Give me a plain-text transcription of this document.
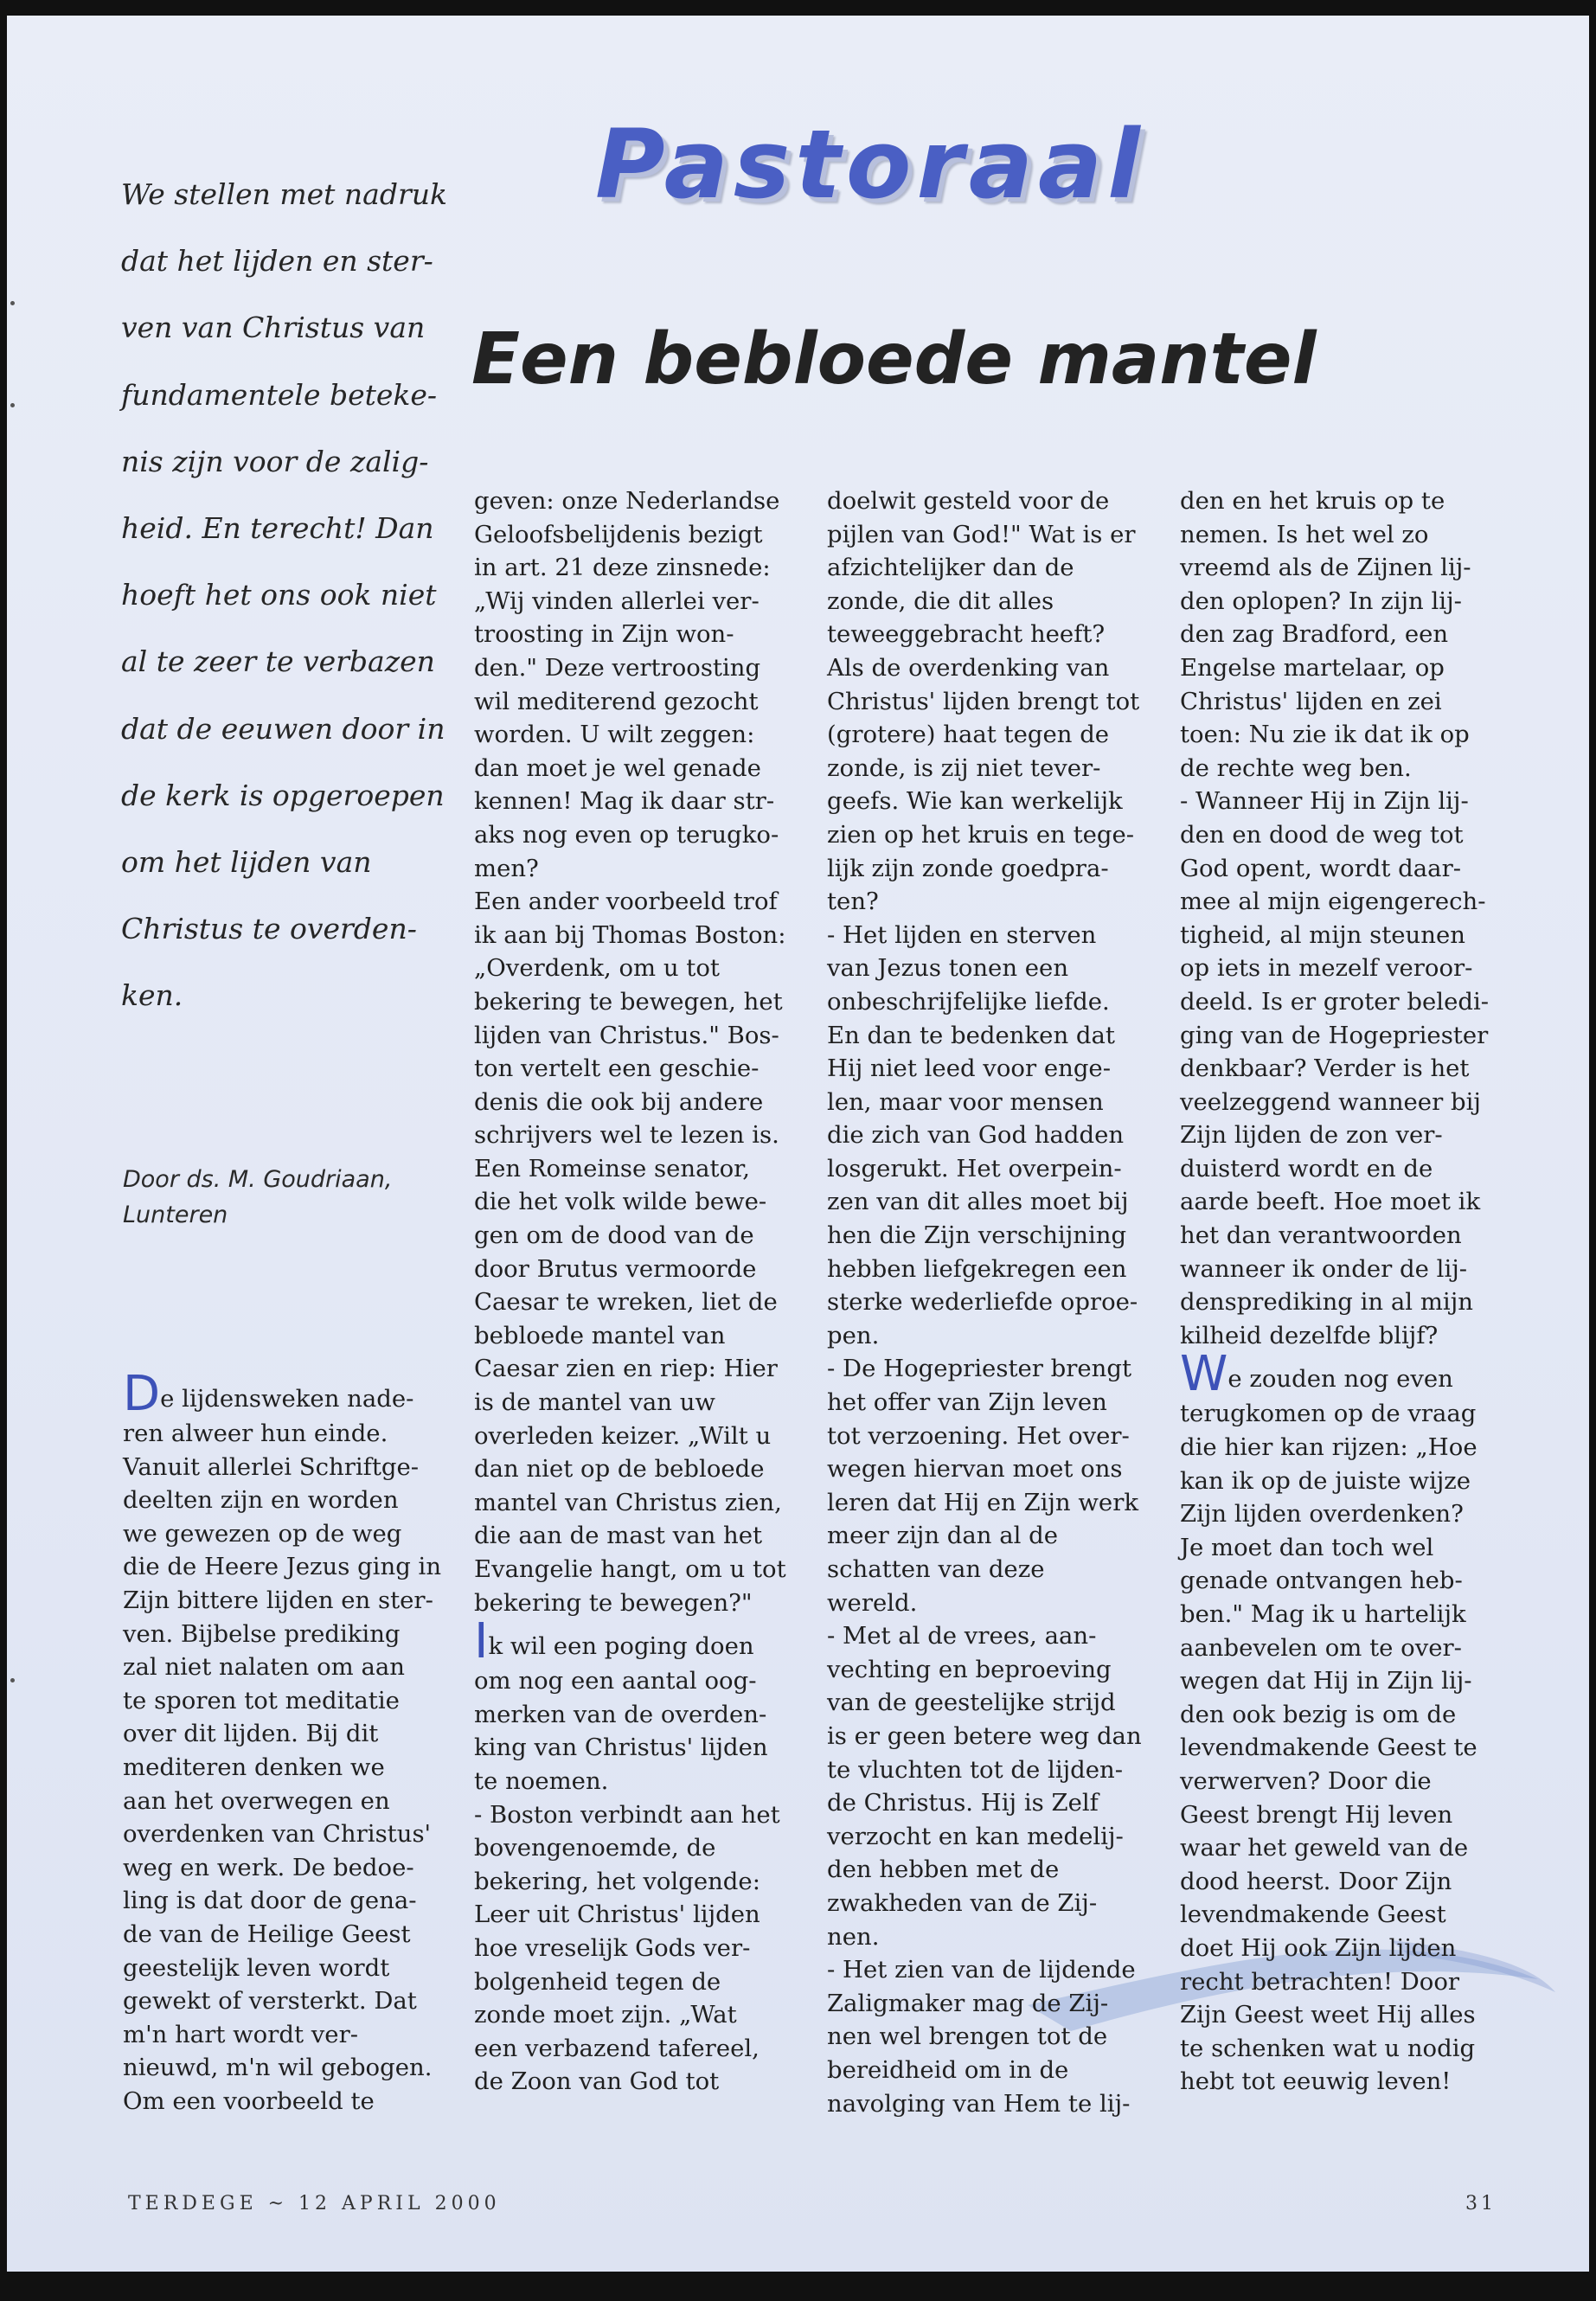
Pastoraal
Een bebloede mantel
We stellen met nadruk
dat het lijden en ster-
ven van Christus van
fundamentele beteke-
nis zijn voor de zalig-
heid. En terecht! Dan
hoeft het ons ook niet
al te zeer te verbazen
dat de eeuwen door in
de kerk is opgeroepen
om het lijden van
Christus te overden-
ken.
Door ds. M. Goudriaan,
Lunteren
De lijdensweken nade-
ren alweer hun einde.
Vanuit allerlei Schriftge-
deelten zijn en worden
we gewezen op de weg
die de Heere Jezus ging in
Zijn bittere lijden en ster-
ven. Bijbelse prediking
zal niet nalaten om aan
te sporen tot meditatie
over dit lijden. Bij dit
mediteren denken we
aan het overwegen en
overdenken van Christus'
weg en werk. De bedoe-
ling is dat door de gena-
de van de Heilige Geest
geestelijk leven wordt
gewekt of versterkt. Dat
m'n hart wordt ver-
nieuwd, m'n wil gebogen.
Om een voorbeeld te
geven: onze Nederlandse
Geloofsbelijdenis bezigt
in art. 21 deze zinsnede:
„Wij vinden allerlei ver-
troosting in Zijn won-
den." Deze vertroosting
wil mediterend gezocht
worden. U wilt zeggen:
dan moet je wel genade
kennen! Mag ik daar str-
aks nog even op terugko-
men?
Een ander voorbeeld trof
ik aan bij Thomas Boston:
„Overdenk, om u tot
bekering te bewegen, het
lijden van Christus." Bos-
ton vertelt een geschie-
denis die ook bij andere
schrijvers wel te lezen is.
Een Romeinse senator,
die het volk wilde bewe-
gen om de dood van de
door Brutus vermoorde
Caesar te wreken, liet de
bebloede mantel van
Caesar zien en riep: Hier
is de mantel van uw
overleden keizer. „Wilt u
dan niet op de bebloede
mantel van Christus zien,
die aan de mast van het
Evangelie hangt, om u tot
bekering te bewegen?"
Ik wil een poging doen
om nog een aantal oog-
merken van de overden-
king van Christus' lijden
te noemen.
- Boston verbindt aan het
bovengenoemde, de
bekering, het volgende:
Leer uit Christus' lijden
hoe vreselijk Gods ver-
bolgenheid tegen de
zonde moet zijn. „Wat
een verbazend tafereel,
de Zoon van God tot
doelwit gesteld voor de
pijlen van God!" Wat is er
afzichtelijker dan de
zonde, die dit alles
teweeggebracht heeft?
Als de overdenking van
Christus' lijden brengt tot
(grotere) haat tegen de
zonde, is zij niet tever-
geefs. Wie kan werkelijk
zien op het kruis en tege-
lijk zijn zonde goedpra-
ten?
- Het lijden en sterven
van Jezus tonen een
onbeschrijfelijke liefde.
En dan te bedenken dat
Hij niet leed voor enge-
len, maar voor mensen
die zich van God hadden
losgerukt. Het overpein-
zen van dit alles moet bij
hen die Zijn verschijning
hebben liefgekregen een
sterke wederliefde oproe-
pen.
- De Hogepriester brengt
het offer van Zijn leven
tot verzoening. Het over-
wegen hiervan moet ons
leren dat Hij en Zijn werk
meer zijn dan al de
schatten van deze
wereld.
- Met al de vrees, aan-
vechting en beproeving
van de geestelijke strijd
is er geen betere weg dan
te vluchten tot de lijden-
de Christus. Hij is Zelf
verzocht en kan medelij-
den hebben met de
zwakheden van de Zij-
nen.
- Het zien van de lijdende
Zaligmaker mag de Zij-
nen wel brengen tot de
bereidheid om in de
navolging van Hem te lij-
den en het kruis op te
nemen. Is het wel zo
vreemd als de Zijnen lij-
den oplopen? In zijn lij-
den zag Bradford, een
Engelse martelaar, op
Christus' lijden en zei
toen: Nu zie ik dat ik op
de rechte weg ben.
- Wanneer Hij in Zijn lij-
den en dood de weg tot
God opent, wordt daar-
mee al mijn eigengerech-
tigheid, al mijn steunen
op iets in mezelf veroor-
deeld. Is er groter beledi-
ging van de Hogepriester
denkbaar? Verder is het
veelzeggend wanneer bij
Zijn lijden de zon ver-
duisterd wordt en de
aarde beeft. Hoe moet ik
het dan verantwoorden
wanneer ik onder de lij-
densprediking in al mijn
kilheid dezelfde blijf?
We zouden nog even
terugkomen op de vraag
die hier kan rijzen: „Hoe
kan ik op de juiste wijze
Zijn lijden overdenken?
Je moet dan toch wel
genade ontvangen heb-
ben." Mag ik u hartelijk
aanbevelen om te over-
wegen dat Hij in Zijn lij-
den ook bezig is om de
levendmakende Geest te
verwerven? Door die
Geest brengt Hij leven
waar het geweld van de
dood heerst. Door Zijn
levendmakende Geest
doet Hij ook Zijn lijden
recht betrachten! Door
Zijn Geest weet Hij alles
te schenken wat u nodig
hebt tot eeuwig leven!
TERDEGE ~ 12 APRIL 2000	31
